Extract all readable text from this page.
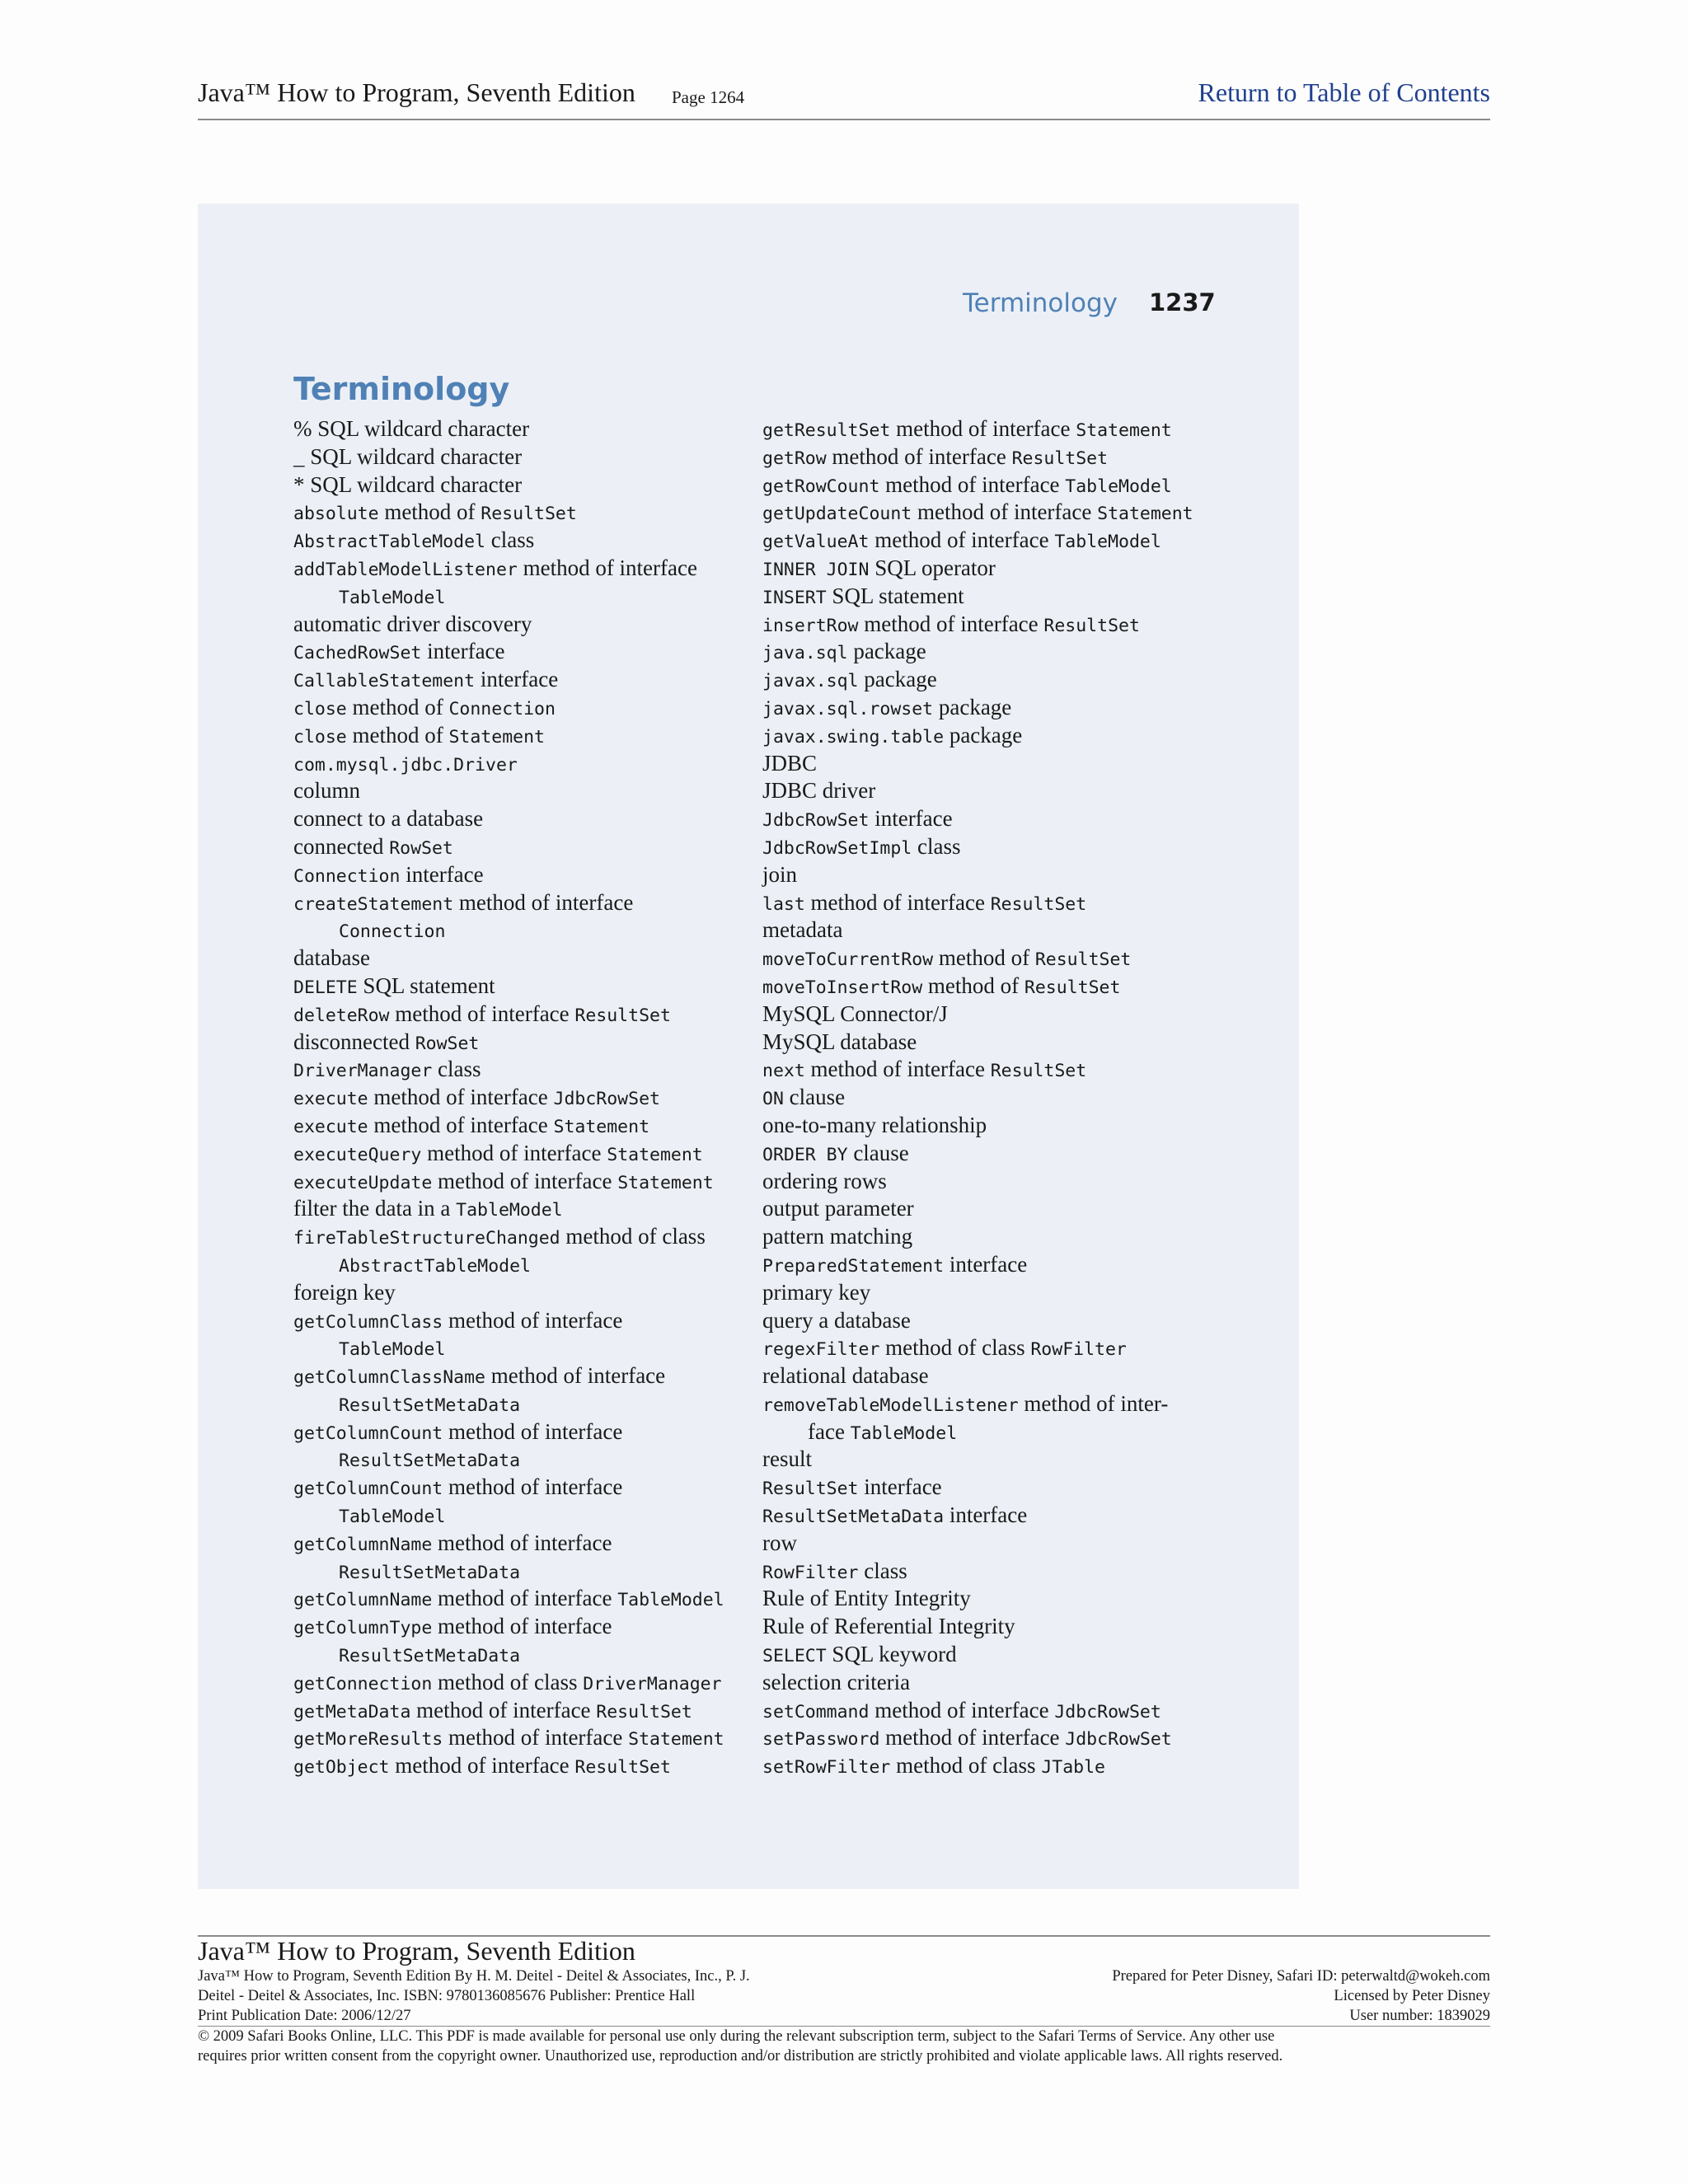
Java™ How to Program, Seventh Edition Page 1264	Return to Table of Contents
Terminology 1237
Terminology
% SQL wildcard character
_ SQL wildcard character
* SQL wildcard character
absolute method of ResultSet
AbstractTableModel class
addTableModelListener method of interface
TableModel
automatic driver discovery
CachedRowSet interface
CallableStatement interface
close method of Connection
close method of Statement
com.mysql.jdbc.Driver
column
connect to a database
connected RowSet
Connection interface
createStatement method of interface
Connection
database
DELETE SQL statement
deleteRow method of interface ResultSet
disconnected RowSet
DriverManager class
execute method of interface JdbcRowSet
execute method of interface Statement
executeQuery method of interface Statement
executeUpdate method of interface Statement
filter the data in a TableModel
fireTableStructureChanged method of class
AbstractTableModel
foreign key
getColumnClass method of interface
TableModel
getColumnClassName method of interface
ResultSetMetaData
getColumnCount method of interface
ResultSetMetaData
getColumnCount method of interface
TableModel
getColumnName method of interface
ResultSetMetaData
getColumnName method of interface TableModel
getColumnType method of interface
ResultSetMetaData
getConnection method of class DriverManager
getMetaData method of interface ResultSet
getMoreResults method of interface Statement
getObject method of interface ResultSet
getResultSet method of interface Statement
getRow method of interface ResultSet
getRowCount method of interface TableModel
getUpdateCount method of interface Statement
getValueAt method of interface TableModel
INNER JOIN SQL operator
INSERT SQL statement
insertRow method of interface ResultSet
java.sql package
javax.sql package
javax.sql.rowset package
javax.swing.table package
JDBC
JDBC driver
JdbcRowSet interface
JdbcRowSetImpl class
join
last method of interface ResultSet
metadata
moveToCurrentRow method of ResultSet
moveToInsertRow method of ResultSet
MySQL Connector/J
MySQL database
next method of interface ResultSet
ON clause
one-to-many relationship
ORDER BY clause
ordering rows
output parameter
pattern matching
PreparedStatement interface
primary key
query a database
regexFilter method of class RowFilter
relational database
removeTableModelListener method of inter-
face TableModel
result
ResultSet interface
ResultSetMetaData interface
row
RowFilter class
Rule of Entity Integrity
Rule of Referential Integrity
SELECT SQL keyword
selection criteria
setCommand method of interface JdbcRowSet
setPassword method of interface JdbcRowSet
setRowFilter method of class JTable
Java™ How to Program, Seventh Edition
Java™ How to Program, Seventh Edition By H. M. Deitel - Deitel & Associates, Inc., P. J.
Deitel - Deitel & Associates, Inc. ISBN: 9780136085676 Publisher: Prentice Hall
Print Publication Date: 2006/12/27
Prepared for Peter Disney, Safari ID: peterwaltd@wokeh.com
Licensed by Peter Disney
User number: 1839029
© 2009 Safari Books Online, LLC. This PDF is made available for personal use only during the relevant subscription term, subject to the Safari Terms of Service. Any other use
requires prior written consent from the copyright owner. Unauthorized use, reproduction and/or distribution are strictly prohibited and violate applicable laws. All rights reserved.
